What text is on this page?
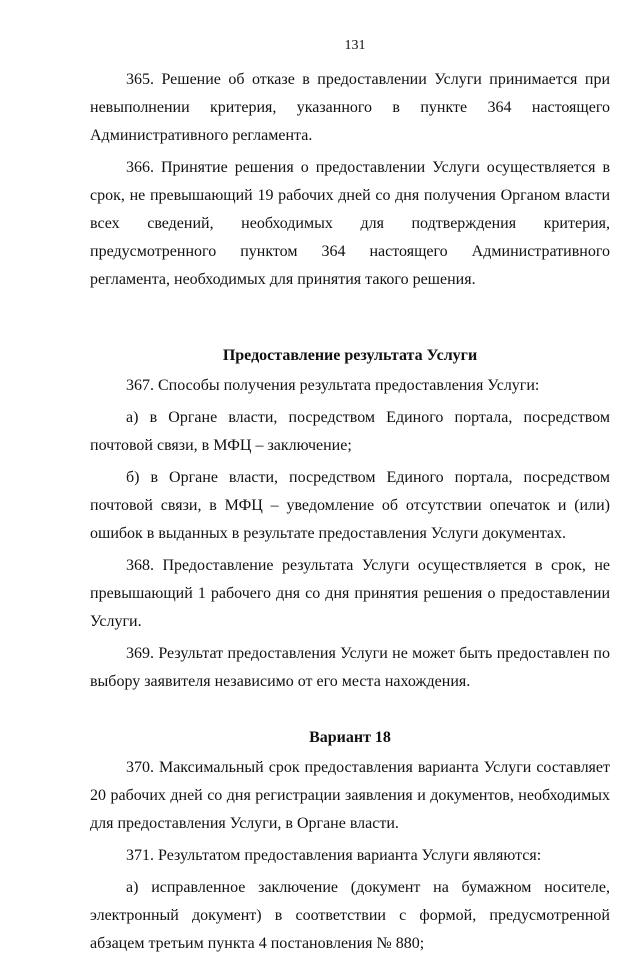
131

365. Решение об отказе в предоставлении Услуги принимается при невыполнении критерия, указанного в пункте 364 настоящего Административного регламента.

366. Принятие решения о предоставлении Услуги осуществляется в срок, не превышающий 19 рабочих дней со дня получения Органом власти всех сведений, необходимых для подтверждения критерия, предусмотренного пунктом 364 настоящего Административного регламента, необходимых для принятия такого решения.

Предоставление результата Услуги

367. Способы получения результата предоставления Услуги:

а) в Органе власти, посредством Единого портала, посредством почтовой связи, в МФЦ – заключение;

б) в Органе власти, посредством Единого портала, посредством почтовой связи, в МФЦ – уведомление об отсутствии опечаток и (или) ошибок в выданных в результате предоставления Услуги документах.

368. Предоставление результата Услуги осуществляется в срок, не превышающий 1 рабочего дня со дня принятия решения о предоставлении Услуги.

369. Результат предоставления Услуги не может быть предоставлен по выбору заявителя независимо от его места нахождения.

Вариант 18

370. Максимальный срок предоставления варианта Услуги составляет 20 рабочих дней со дня регистрации заявления и документов, необходимых для предоставления Услуги, в Органе власти.

371. Результатом предоставления варианта Услуги являются:

а) исправленное заключение (документ на бумажном носителе, электронный документ) в соответствии с формой, предусмотренной абзацем третьим пункта 4 постановления № 880;
